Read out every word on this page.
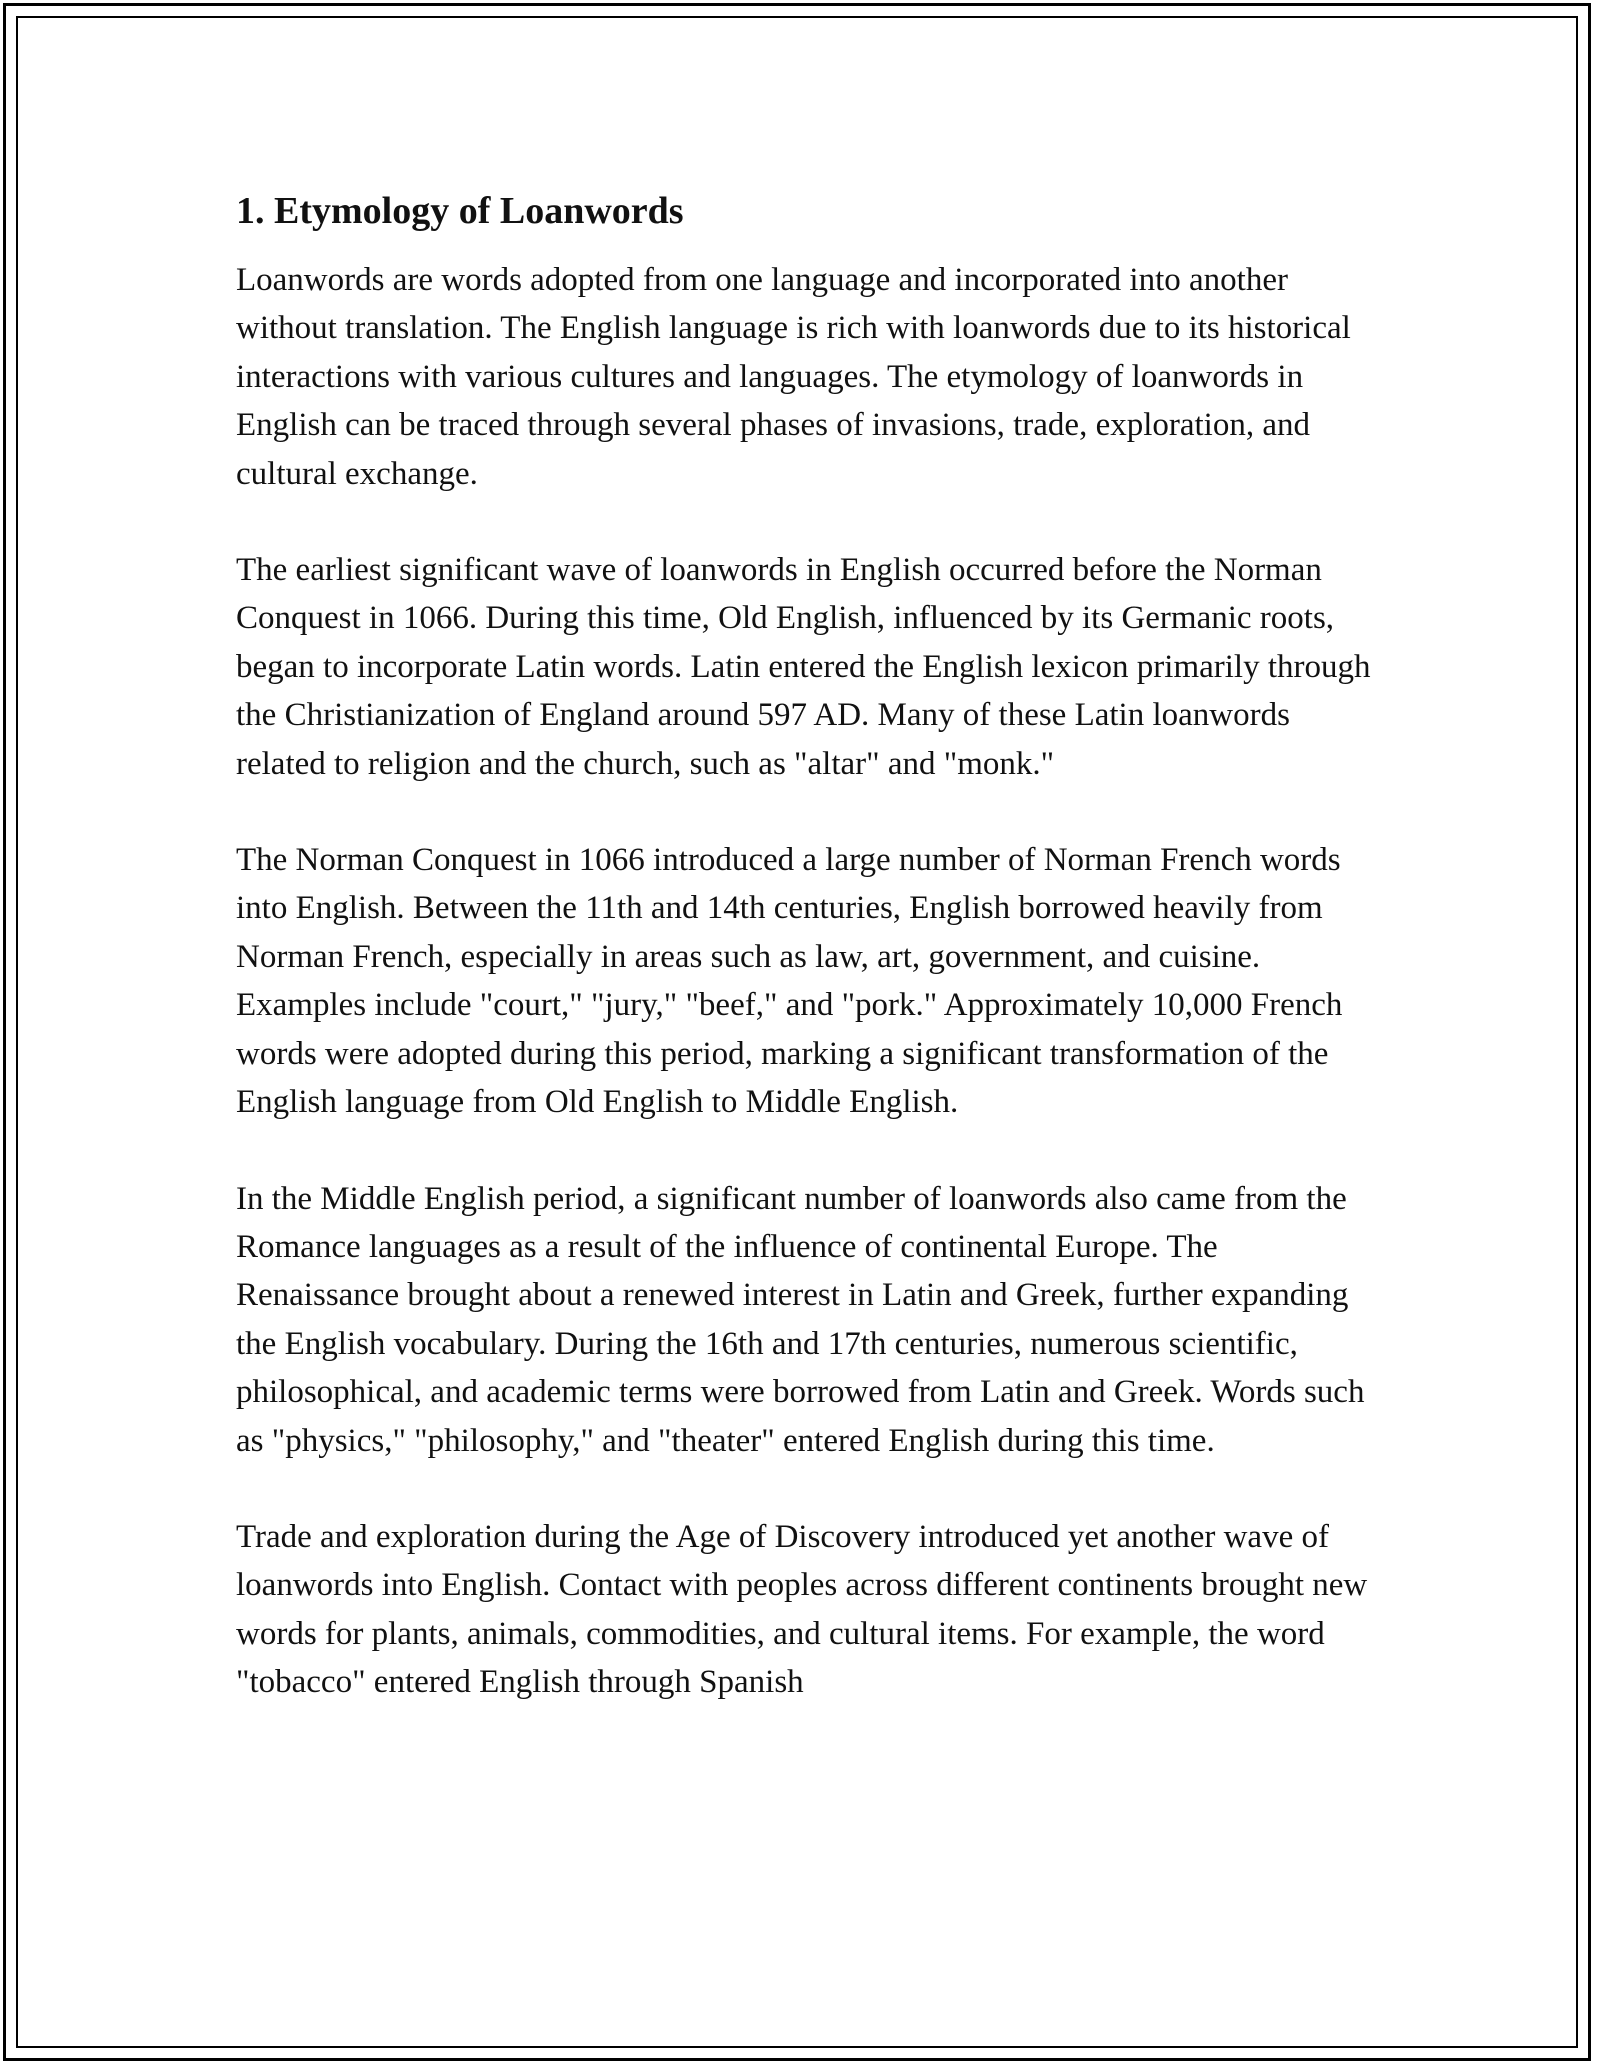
1. Etymology of Loanwords

Loanwords are words adopted from one language and incorporated into another without translation. The English language is rich with loanwords due to its historical interactions with various cultures and languages. The etymology of loanwords in English can be traced through several phases of invasions, trade, exploration, and cultural exchange.

The earliest significant wave of loanwords in English occurred before the Norman Conquest in 1066. During this time, Old English, influenced by its Germanic roots, began to incorporate Latin words. Latin entered the English lexicon primarily through the Christianization of England around 597 AD. Many of these Latin loanwords related to religion and the church, such as "altar" and "monk."

The Norman Conquest in 1066 introduced a large number of Norman French words into English. Between the 11th and 14th centuries, English borrowed heavily from Norman French, especially in areas such as law, art, government, and cuisine. Examples include "court," "jury," "beef," and "pork." Approximately 10,000 French words were adopted during this period, marking a significant transformation of the English language from Old English to Middle English.

In the Middle English period, a significant number of loanwords also came from the Romance languages as a result of the influence of continental Europe. The Renaissance brought about a renewed interest in Latin and Greek, further expanding the English vocabulary. During the 16th and 17th centuries, numerous scientific, philosophical, and academic terms were borrowed from Latin and Greek. Words such as "physics," "philosophy," and "theater" entered English during this time.

Trade and exploration during the Age of Discovery introduced yet another wave of loanwords into English. Contact with peoples across different continents brought new words for plants, animals, commodities, and cultural items. For example, the word "tobacco" entered English through Spanish
